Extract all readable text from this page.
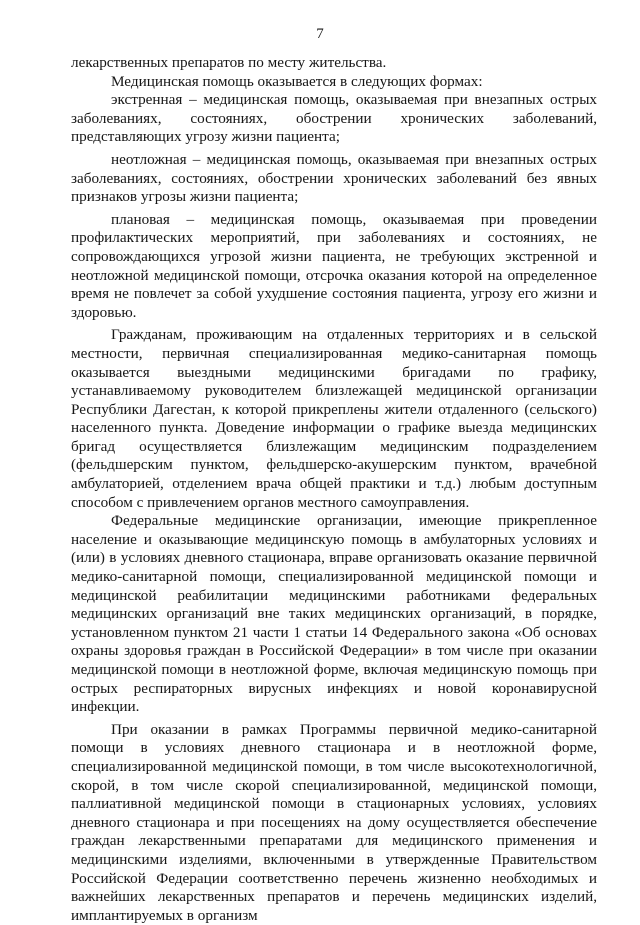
7

лекарственных препаратов по месту жительства.

Медицинская помощь оказывается в следующих формах:

экстренная – медицинская помощь, оказываемая при внезапных острых заболеваниях, состояниях, обострении хронических заболеваний, представляющих угрозу жизни пациента;

неотложная – медицинская помощь, оказываемая при внезапных острых заболеваниях, состояниях, обострении хронических заболеваний без явных признаков угрозы жизни пациента;

плановая – медицинская помощь, оказываемая при проведении профилактических мероприятий, при заболеваниях и состояниях, не сопровождающихся угрозой жизни пациента, не требующих экстренной и неотложной медицинской помощи, отсрочка оказания которой на определенное время не повлечет за собой ухудшение состояния пациента, угрозу его жизни и здоровью.

Гражданам, проживающим на отдаленных территориях и в сельской местности, первичная специализированная медико-санитарная помощь оказывается выездными медицинскими бригадами по графику, устанавливаемому руководителем близлежащей медицинской организации Республики Дагестан, к которой прикреплены жители отдаленного (сельского) населенного пункта. Доведение информации о графике выезда медицинских бригад осуществляется близлежащим медицинским подразделением (фельдшерским пунктом, фельдшерско-акушерским пунктом, врачебной амбулаторией, отделением врача общей практики и т.д.) любым доступным способом с привлечением органов местного самоуправления.

Федеральные медицинские организации, имеющие прикрепленное население и оказывающие медицинскую помощь в амбулаторных условиях и (или) в условиях дневного стационара, вправе организовать оказание первичной медико-санитарной помощи, специализированной медицинской помощи и медицинской реабилитации медицинскими работниками федеральных медицинских организаций вне таких медицинских организаций, в порядке, установленном пунктом 21 части 1 статьи 14 Федерального закона «Об основах охраны здоровья граждан в Российской Федерации» в том числе при оказании медицинской помощи в неотложной форме, включая медицинскую помощь при острых респираторных вирусных инфекциях и новой коронавирусной инфекции.

При оказании в рамках Программы первичной медико-санитарной помощи в условиях дневного стационара и в неотложной форме, специализированной медицинской помощи, в том числе высокотехнологичной, скорой, в том числе скорой специализированной, медицинской помощи, паллиативной медицинской помощи в стационарных условиях, условиях дневного стационара и при посещениях на дому осуществляется обеспечение граждан лекарственными препаратами для медицинского применения и медицинскими изделиями, включенными в утвержденные Правительством Российской Федерации соответственно перечень жизненно необходимых и важнейших лекарственных препаратов и перечень медицинских изделий, имплантируемых в организм
